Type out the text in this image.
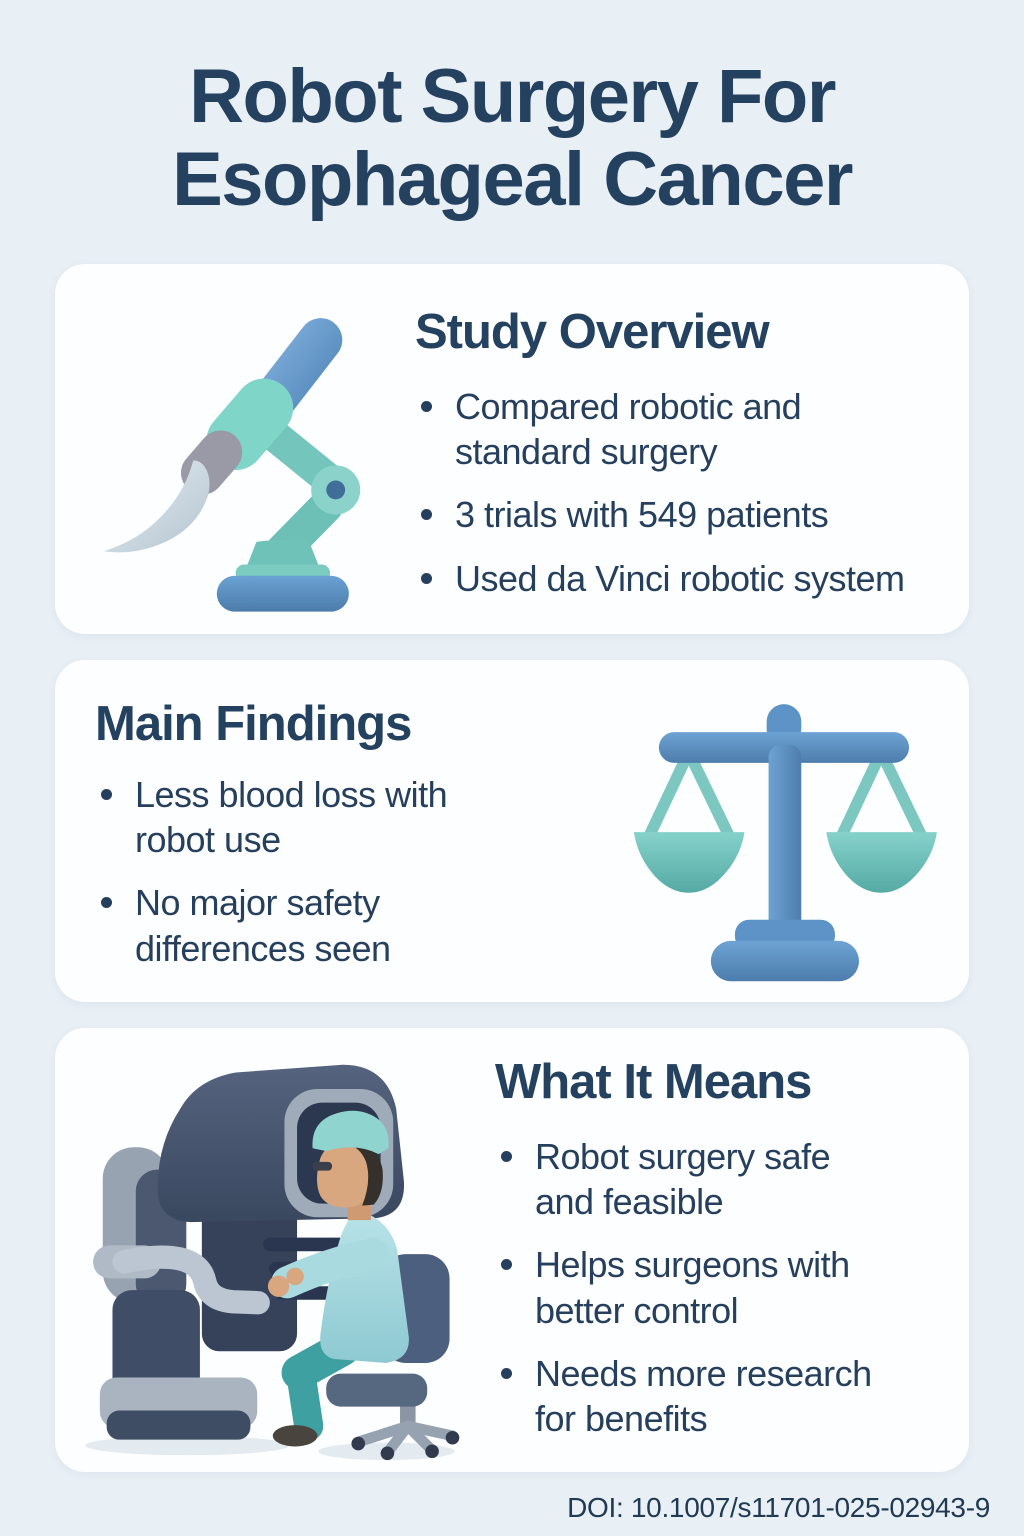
Robot Surgery For
Esophageal Cancer
Study Overview
Compared robotic and standard surgery
3 trials with 549 patients
Used da Vinci robotic system
Main Findings
Less blood loss with robot use
No major safety differences seen
What It Means
Robot surgery safe and feasible
Helps surgeons with better control
Needs more research for benefits
DOI: 10.1007/s11701-025-02943-9
